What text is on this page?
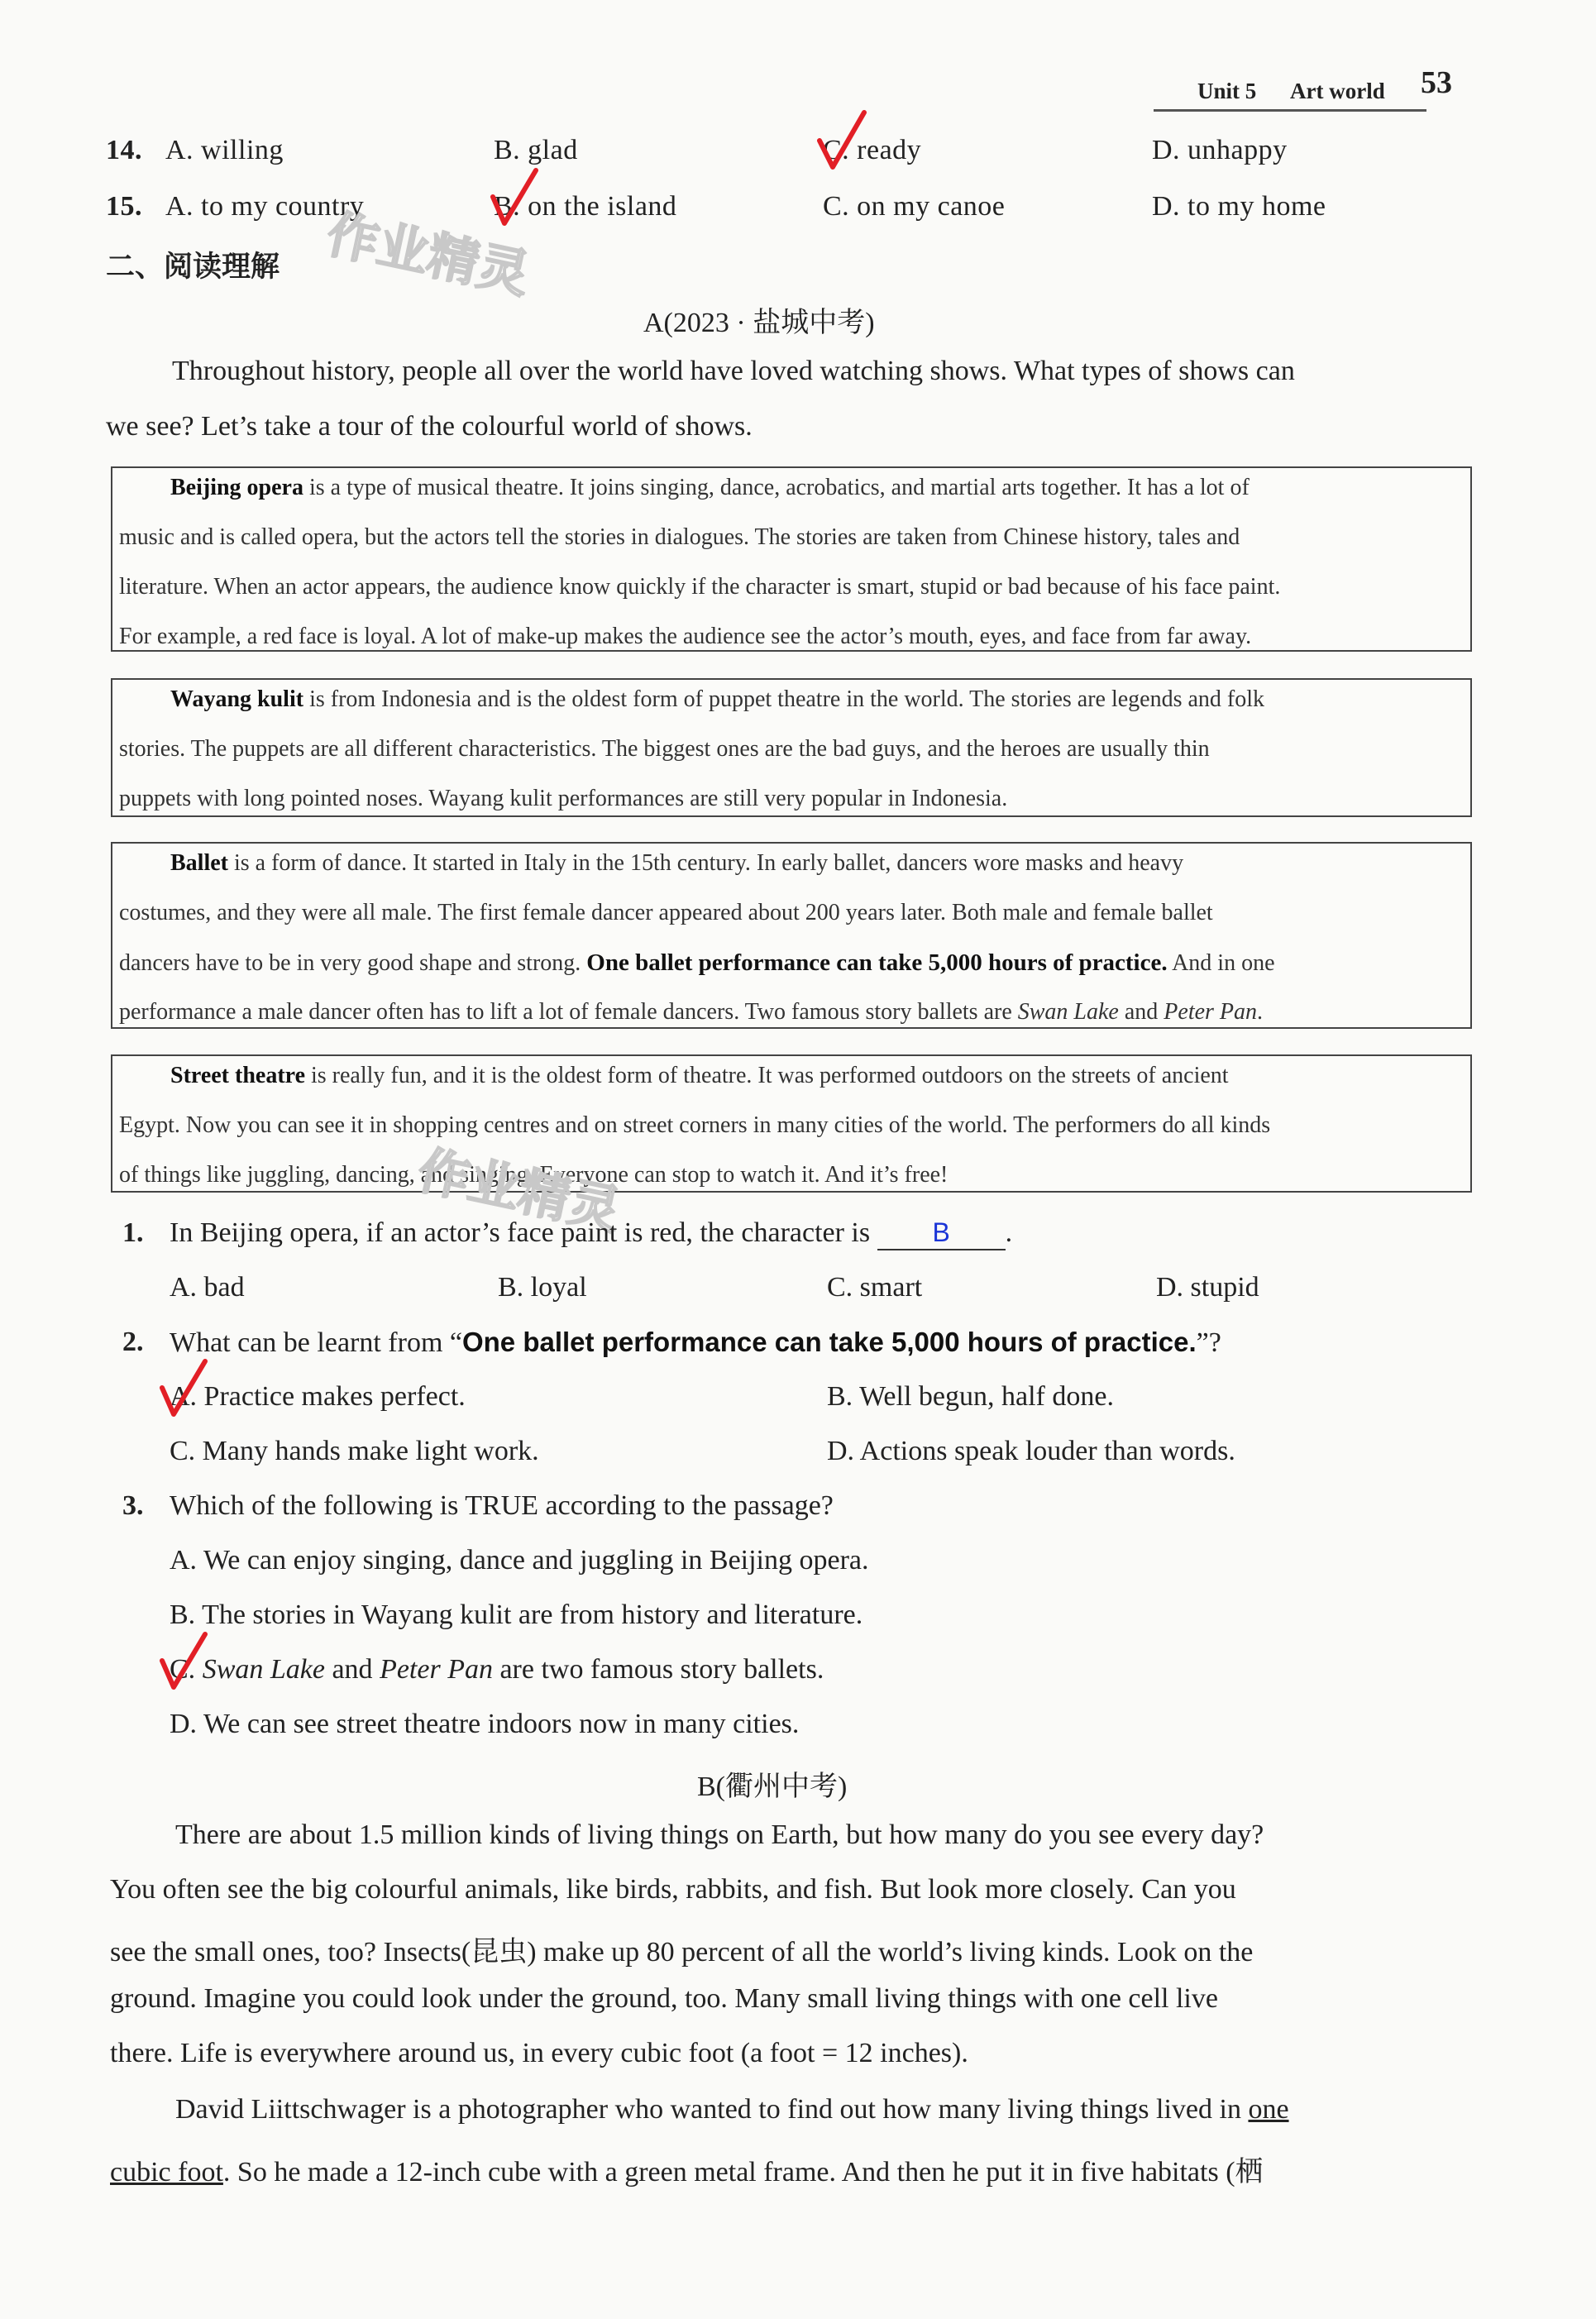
Unit 5 Art world 53
14. A. willing	B. glad	C. ready	D. unhappy
15. A. to my country	B. on the island	C. on my canoe	D. to my home
二、阅读理解 作业精灵
A(2023 · 盐城中考)
Throughout history, people all over the world have loved watching shows. What types of shows can
we see? Let’s take a tour of the colourful world of shows.
Beijing opera is a type of musical theatre. It joins singing, dance, acrobatics, and martial arts together. It has a lot of
music and is called opera, but the actors tell the stories in dialogues. The stories are taken from Chinese history, tales and
literature. When an actor appears, the audience know quickly if the character is smart, stupid or bad because of his face paint.
For example, a red face is loyal. A lot of make-up makes the audience see the actor’s mouth, eyes, and face from far away.
Wayang kulit is from Indonesia and is the oldest form of puppet theatre in the world. The stories are legends and folk
stories. The puppets are all different characteristics. The biggest ones are the bad guys, and the heroes are usually thin
puppets with long pointed noses. Wayang kulit performances are still very popular in Indonesia.
Ballet is a form of dance. It started in Italy in the 15th century. In early ballet, dancers wore masks and heavy
costumes, and they were all male. The first female dancer appeared about 200 years later. Both male and female ballet
dancers have to be in very good shape and strong. One ballet performance can take 5,000 hours of practice. And in one
performance a male dancer often has to lift a lot of female dancers. Two famous story ballets are Swan Lake and Peter Pan.
Street theatre is really fun, and it is the oldest form of theatre. It was performed outdoors on the streets of ancient
Egypt. Now you can see it in shopping centres and on street corners in many cities of the world. The performers do all kinds
of things like juggling, dancing, and singing. Everyone can stop to watch it. And it’s free!
作业精灵
1. In Beijing opera, if an actor’s face paint is red, the character is B .
A. bad	B. loyal	C. smart	D. stupid
2. What can be learnt from “One ballet performance can take 5,000 hours of practice.”?
A. Practice makes perfect.	B. Well begun, half done.
C. Many hands make light work.	D. Actions speak louder than words.
3. Which of the following is TRUE according to the passage?
A. We can enjoy singing, dance and juggling in Beijing opera.
B. The stories in Wayang kulit are from history and literature.
C. Swan Lake and Peter Pan are two famous story ballets.
D. We can see street theatre indoors now in many cities.
B(衢州中考)
There are about 1.5 million kinds of living things on Earth, but how many do you see every day?
You often see the big colourful animals, like birds, rabbits, and fish. But look more closely. Can you
see the small ones, too? Insects(昆虫) make up 80 percent of all the world’s living kinds. Look on the
ground. Imagine you could look under the ground, too. Many small living things with one cell live
there. Life is everywhere around us, in every cubic foot (a foot = 12 inches).
David Liittschwager is a photographer who wanted to find out how many living things lived in one
cubic foot. So he made a 12-inch cube with a green metal frame. And then he put it in five habitats (栖
